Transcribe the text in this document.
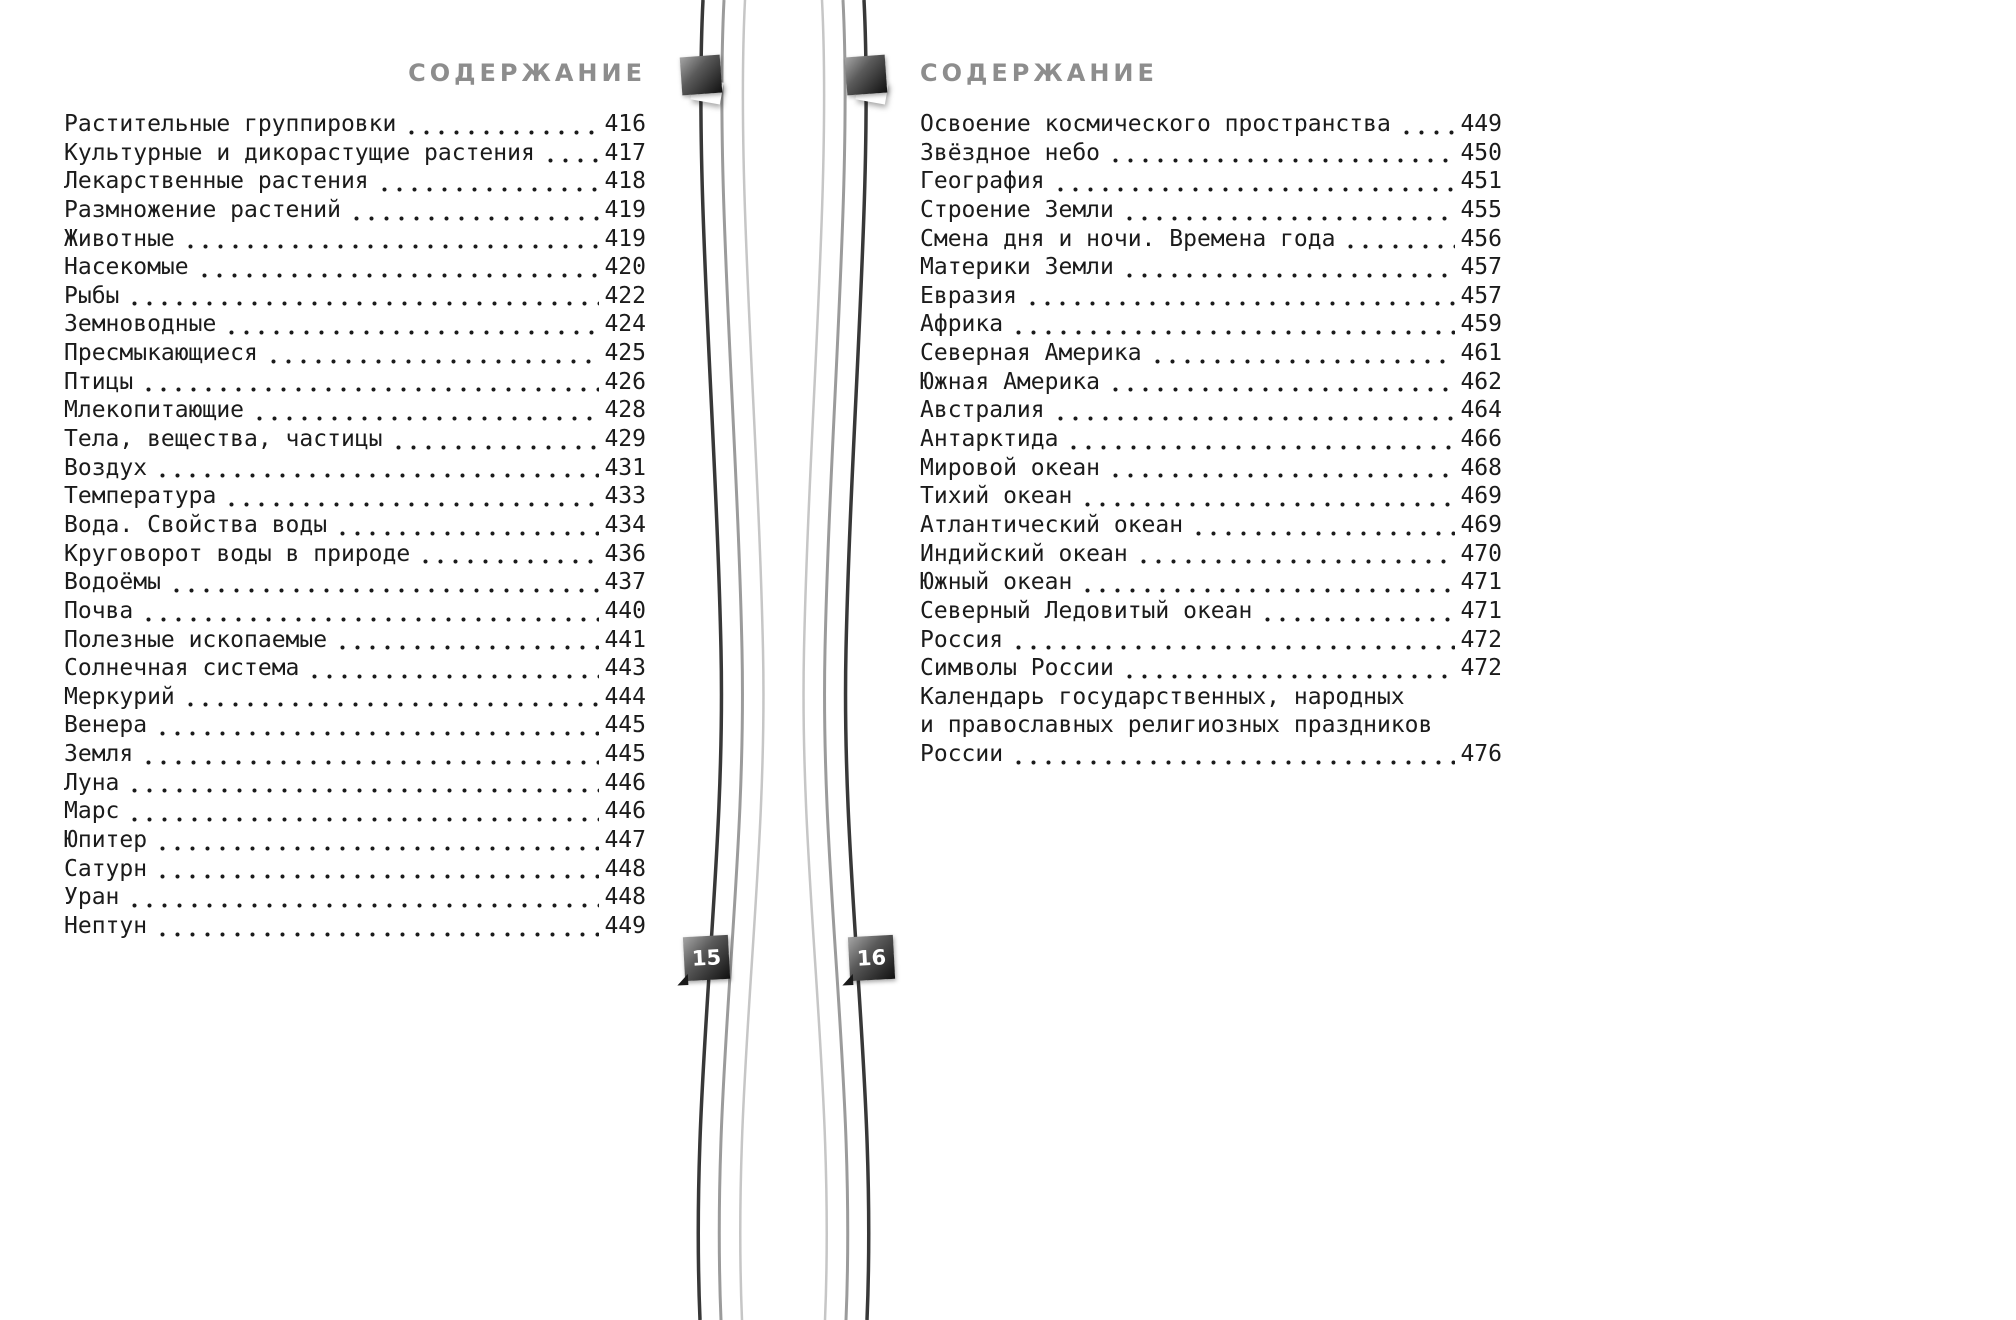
15	16
СОДЕРЖАНИЕ
Растительные группировки	416
Культурные и дикорастущие растения	417
Лекарственные растения	418
Размножение растений	419
Животные	419
Насекомые	420
Рыбы	422
Земноводные	424
Пресмыкающиеся	425
Птицы	426
Млекопитающие	428
Тела, вещества, частицы	429
Воздух	431
Температура	433
Вода. Свойства воды	434
Круговорот воды в природе	436
Водоёмы	437
Почва	440
Полезные ископаемые	441
Солнечная система	443
Меркурий	444
Венера	445
Земля	445
Луна	446
Марс	446
Юпитер	447
Сатурн	448
Уран	448
Нептун	449
СОДЕРЖАНИЕ
Освоение космического пространства	449
Звёздное небо	450
География	451
Строение Земли	455
Смена дня и ночи. Времена года	456
Материки Земли	457
Евразия	457
Африка	459
Северная Америка	461
Южная Америка	462
Австралия	464
Антарктида	466
Мировой океан	468
Тихий океан	469
Атлантический океан	469
Индийский океан	470
Южный океан	471
Северный Ледовитый океан	471
Россия	472
Символы России	472
Календарь государственных, народных
и православных религиозных праздников
России	476
